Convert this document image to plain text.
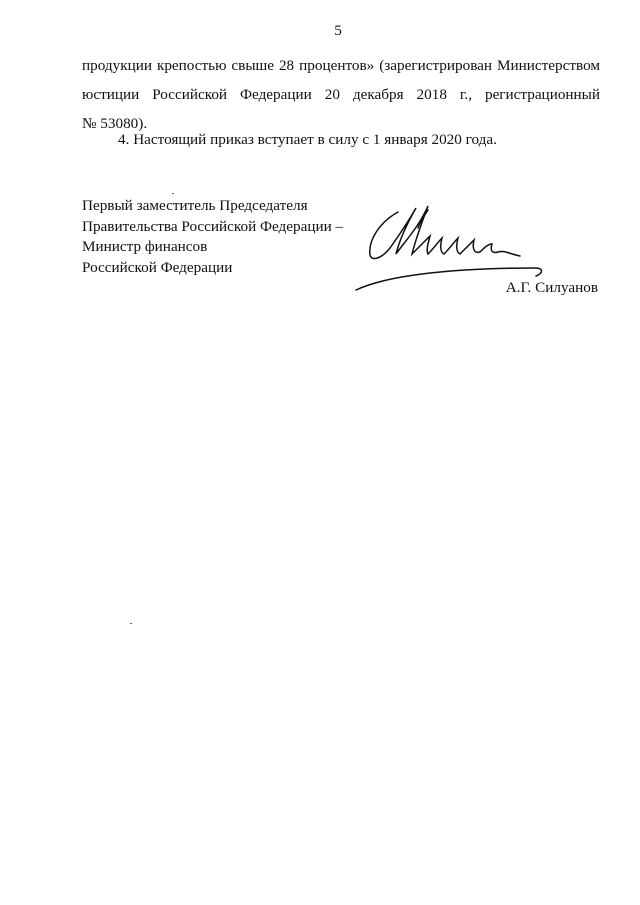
5
продукции крепостью свыше 28 процентов» (зарегистрирован Министерством
юстиции Российской Федерации 20 декабря 2018 г., регистрационный
№ 53080).
4. Настоящий приказ вступает в силу с 1 января 2020 года.
Первый заместитель Председателя
Правительства Российской Федерации –
Министр финансов
Российской Федерации
А.Г. Силуанов
